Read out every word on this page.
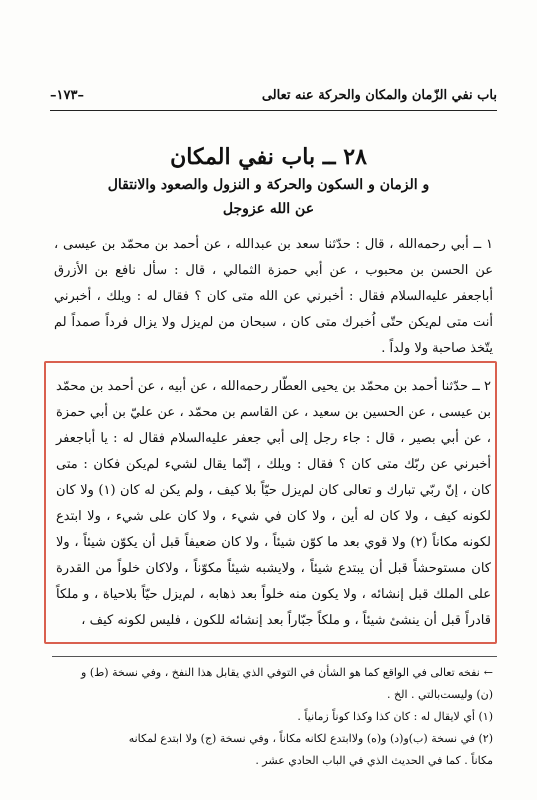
باب نفي الزّمان والمكان والحركة عنه تعالى
–١٧٣–
٢٨ ــ باب نفي المكان
و الزمان و السكون والحركة و النزول والصعود والانتقال
عن الله عزوجل

١ ــ أبي رحمه‌الله ، قال : حدّثنا سعد بن عبدالله ، عن أحمد بن محمّد بن عيسى ، عن الحسن بن محبوب ، عن أبي حمزة الثمالي ، قال : سأل نافع بن الأزرق أباجعفر عليه‌السلام فقال : أخبرني عن الله متى كان ؟ فقال له : ويلك ، أخبرني أنت متى لم‌يكن حتّى اُخبرك متى كان ، سبحان من لم‌يزل ولا يزال فرداً صمداً لم يتّخذ صاحبة ولا ولداً .

٢ ــ حدّثنا أحمد بن محمّد بن يحيى العطّار رحمه‌الله ، عن أبيه ، عن أحمد بن محمّد بن عيسى ، عن الحسين بن سعيد ، عن القاسم بن محمّد ، عن عليّ بن أبي حمزة ، عن أبي بصير ، قال : جاء رجل إلى أبي جعفر عليه‌السلام فقال له : يا أباجعفر أخبرني عن ربّك متى كان ؟ فقال : ويلك ، إنّما يقال لشيء لم‌يكن فكان : متى كان ، إنّ ربّي تبارك و تعالى كان لم‌يزل حيّاً بلا كيف ، ولم يكن له كان (١) ولا كان لكونه كيف ، ولا كان له أين ، ولا كان في شيء ، ولا كان على شيء ، ولا ابتدع لكونه مكاناً (٢) ولا قوي بعد ما كوّن شيئاً ، ولا كان ضعيفاً قبل أن يكوّن شيئاً ، ولا كان مستوحشاً قبل أن يبتدع شيئاً ، ولايشبه شيئاً مكوّناً ، ولاكان خلواً من القدرة على الملك قبل إنشائه ، ولا يكون منه خلواً بعد ذهابه ، لم‌يزل حيّاً بلاحياة ، و ملكاً قادراً قبل أن ينشئ شيئاً ، و ملكاً جبّاراً بعد إنشائه للكون ، فليس لكونه كيف ،

←نفخه تعالى في الواقع كما هو الشأن في التوفي الذي يقابل هذا النفخ ، وفي نسخة (ط) و

(ن) وليست‌بالتي . الخ .

(١) أي لايقال له : كان كذا وكذا كوناً زمانياً .

(٢) في نسخة (ب)و(د) و(ه) ولاابتدع لكانه مكاناً ، وفي نسخة (ج) ولا ابتدع لمكانه

مكاناً . كما في الحديث الذي في الباب الحادي عشر .
